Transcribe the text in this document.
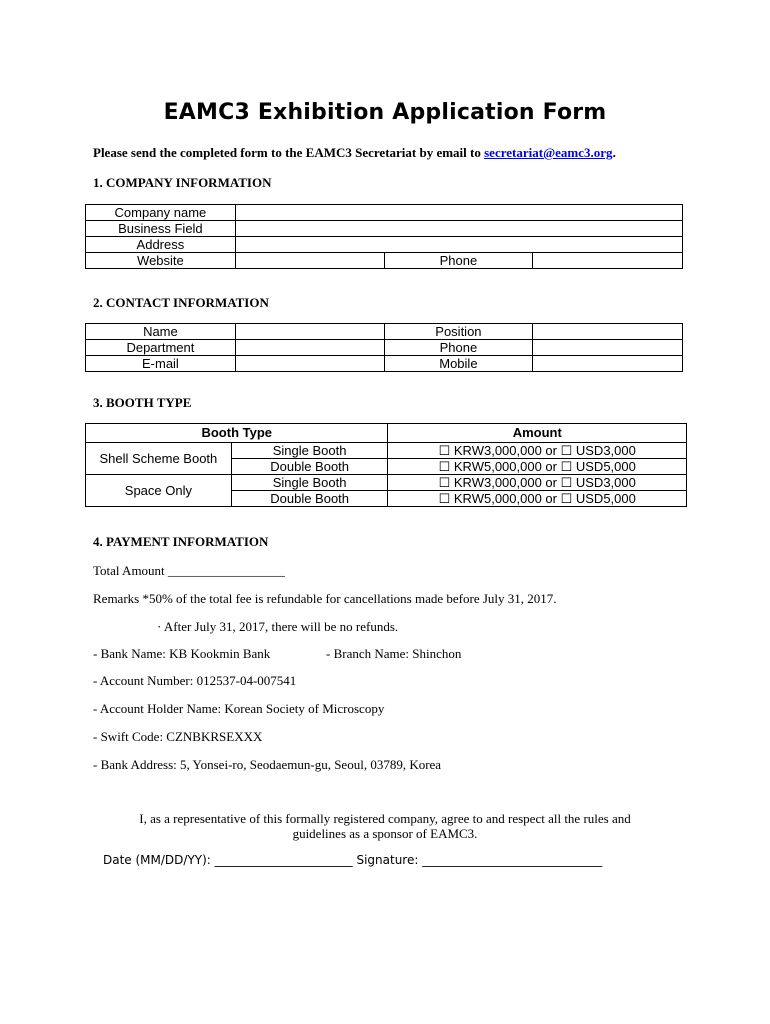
EAMC3 Exhibition Application Form
Please send the completed form to the EAMC3 Secretariat by email to secretariat@eamc3.org.
1. COMPANY INFORMATION
Company name			
Business Field			
Address			
Website		Phone	
2. CONTACT INFORMATION
Name		Position	
Department		Phone	
E-mail		Mobile	
3. BOOTH TYPE
Booth Type		Amount
Shell Scheme Booth	Single Booth	☐ KRW3,000,000 or ☐ USD3,000
	Double Booth	☐ KRW5,000,000 or ☐ USD5,000
Space Only	Single Booth	☐ KRW3,000,000 or ☐ USD3,000
	Double Booth	☐ KRW5,000,000 or ☐ USD5,000
4. PAYMENT INFORMATION
Total Amount __________________
Remarks *50% of the total fee is refundable for cancellations made before July 31, 2017.
· After July 31, 2017, there will be no refunds.
- Bank Name: KB Kookmin Bank	- Branch Name: Shinchon
- Account Number: 012537-04-007541
- Account Holder Name: Korean Society of Microscopy
- Swift Code: CZNBKRSEXXX
- Bank Address: 5, Yonsei-ro, Seodaemun-gu, Seoul, 03789, Korea
I, as a representative of this formally registered company, agree to and respect all the rules and
guidelines as a sponsor of EAMC3.
Date (MM/DD/YY): _______________________ Signature: ______________________________
